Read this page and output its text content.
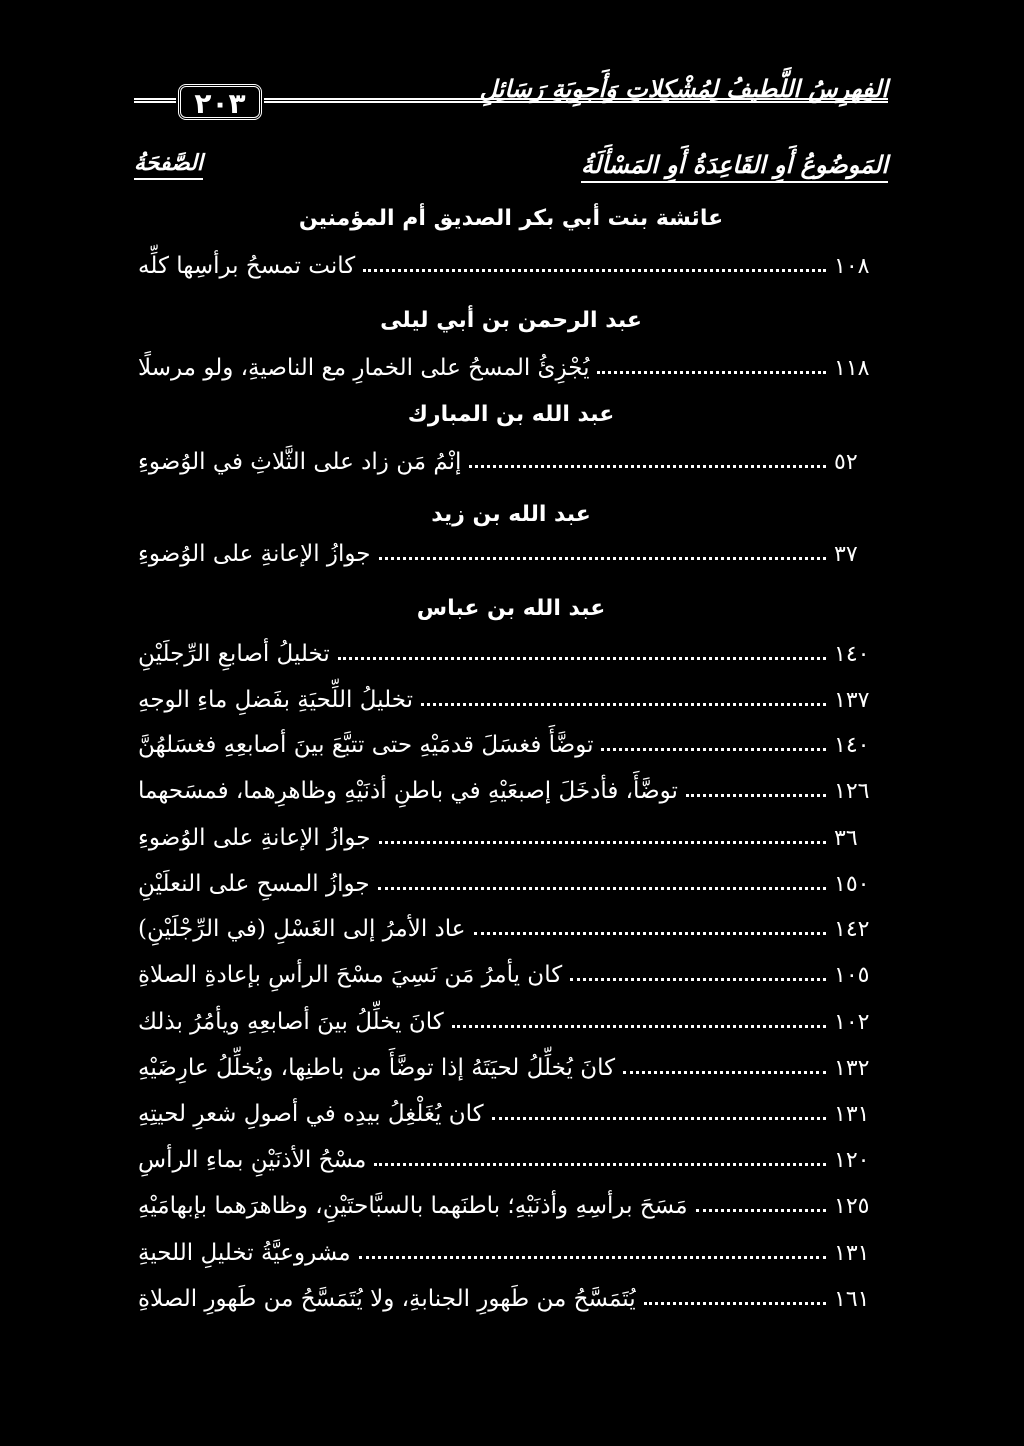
٢٠٣	الفِهرِسُ اللَّطيفُ لِمُشْكِلاتِ وَأَجوِبَةِ رَسَائِلِ
الصَّفحَةُ	المَوضُوعُ أَوِ القَاعِدَةُ أَوِ المَسْأَلَةُ
عائشة بنت أبي بكر الصديق أم المؤمنين
كانت تمسحُ برأسِها كلِّه	١٠٨
عبد الرحمن بن أبي ليلى
يُجْزِئُ المسحُ على الخمارِ مع الناصيةِ، ولو مرسلًا	١١٨
عبد الله بن المبارك
إنْمُ مَن زاد على الثَّلاثِ في الوُضوءِ	٥٢
عبد الله بن زيد
جوازُ الإعانةِ على الوُضوءِ	٣٧
عبد الله بن عباس
تخليلُ أصابعِ الرِّجلَيْنِ	١٤٠
تخليلُ اللِّحيَةِ بفَضلِ ماءِ الوجهِ	١٣٧
توضَّأَ فغسَلَ قدمَيْهِ حتى تتبَّعَ بينَ أصابعِهِ فغسَلهُنَّ	١٤٠
توضَّأَ، فأدخَلَ إصبعَيْهِ في باطنِ أذنَيْهِ وظاهرِهما، فمسَحهما	١٢٦
جوازُ الإعانةِ على الوُضوءِ	٣٦
جوازُ المسحِ على النعلَيْنِ	١٥٠
عاد الأمرُ إلى الغَسْلِ (في الرِّجْلَيْنِ)	١٤٢
كان يأمرُ مَن نَسِيَ مسْحَ الرأسِ بإعادةِ الصلاةِ	١٠٥
كانَ يخلِّلُ بينَ أصابعِهِ ويأمُرُ بذلك	١٠٢
كانَ يُخلِّلُ لحيَتَهُ إذا توضَّأَ من باطنِها، ويُخلِّلُ عارِضَيْهِ	١٣٢
كان يُغَلْغِلُ بيدِه في أصولِ شعرِ لحيتِهِ	١٣١
مسْحُ الأذنَيْنِ بماءِ الرأسِ	١٢٠
مَسَحَ برأسِهِ وأذنَيْهِ؛ باطنَهما بالسبَّاحتَيْنِ، وظاهرَهما بإبهامَيْهِ	١٢٥
مشروعيَّةُ تخليلِ اللحيةِ	١٣١
يُتَمَسَّحُ من طَهورِ الجنابةِ، ولا يُتَمَسَّحُ من طَهورِ الصلاةِ	١٦١
